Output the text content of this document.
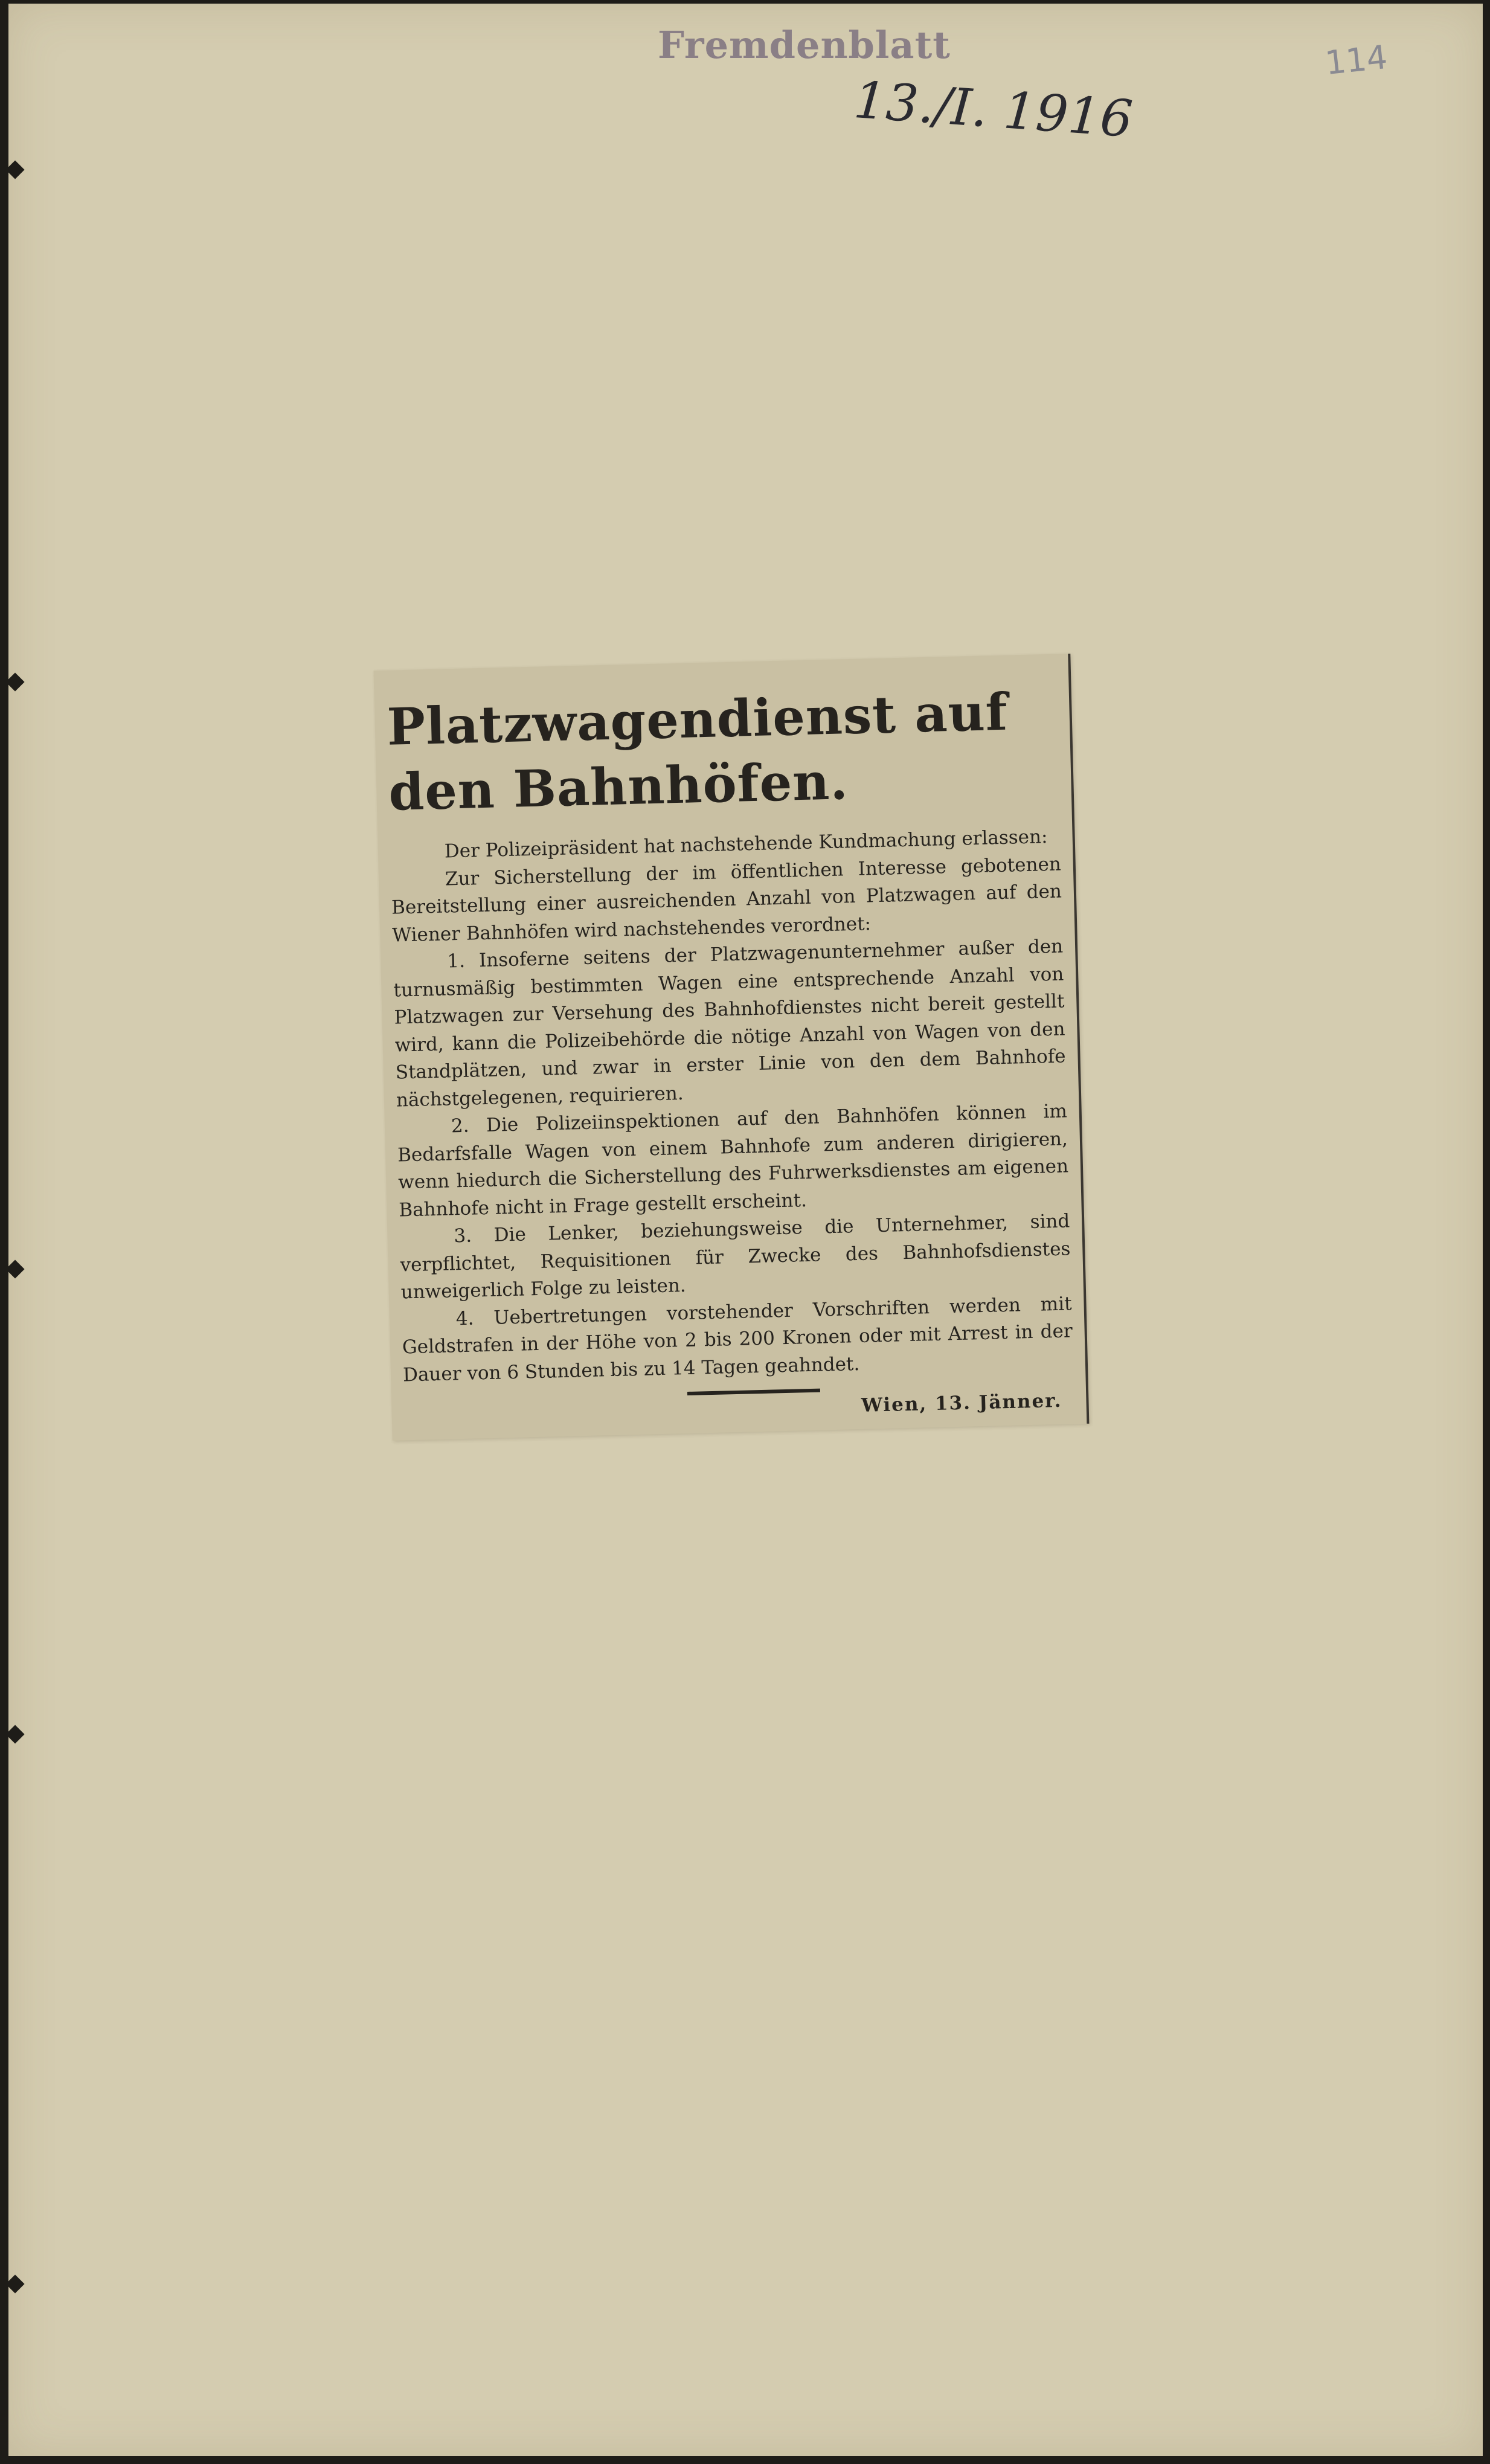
Fremdenblatt
13./I. 1916
114
Platzwagendienst auf den Bahnhöfen.

Der Polizeipräsident hat nachstehende Kundmachung erlassen:

Zur Sicherstellung der im öffentlichen Interesse gebotenen Bereitstellung einer ausreichenden Anzahl von Platzwagen auf den Wiener Bahnhöfen wird nachstehendes verordnet:

1. Insoferne seitens der Platzwagenunternehmer außer den turnusmäßig bestimmten Wagen eine entsprechende Anzahl von Platzwagen zur Versehung des Bahnhofdienstes nicht bereit gestellt wird, kann die Polizeibehörde die nötige Anzahl von Wagen von den Standplätzen, und zwar in erster Linie von den dem Bahnhofe nächstgelegenen, requirieren.

2. Die Polizeiinspektionen auf den Bahnhöfen können im Bedarfsfalle Wagen von einem Bahnhofe zum anderen dirigieren, wenn hiedurch die Sicherstellung des Fuhrwerksdienstes am eigenen Bahnhofe nicht in Frage gestellt erscheint.

3. Die Lenker, beziehungsweise die Unternehmer, sind verpflichtet, Requisitionen für Zwecke des Bahnhofsdienstes unweigerlich Folge zu leisten.

4. Uebertretungen vorstehender Vorschriften werden mit Geldstrafen in der Höhe von 2 bis 200 Kronen oder mit Arrest in der Dauer von 6 Stunden bis zu 14 Tagen geahndet.

Wien, 13. Jänner.
